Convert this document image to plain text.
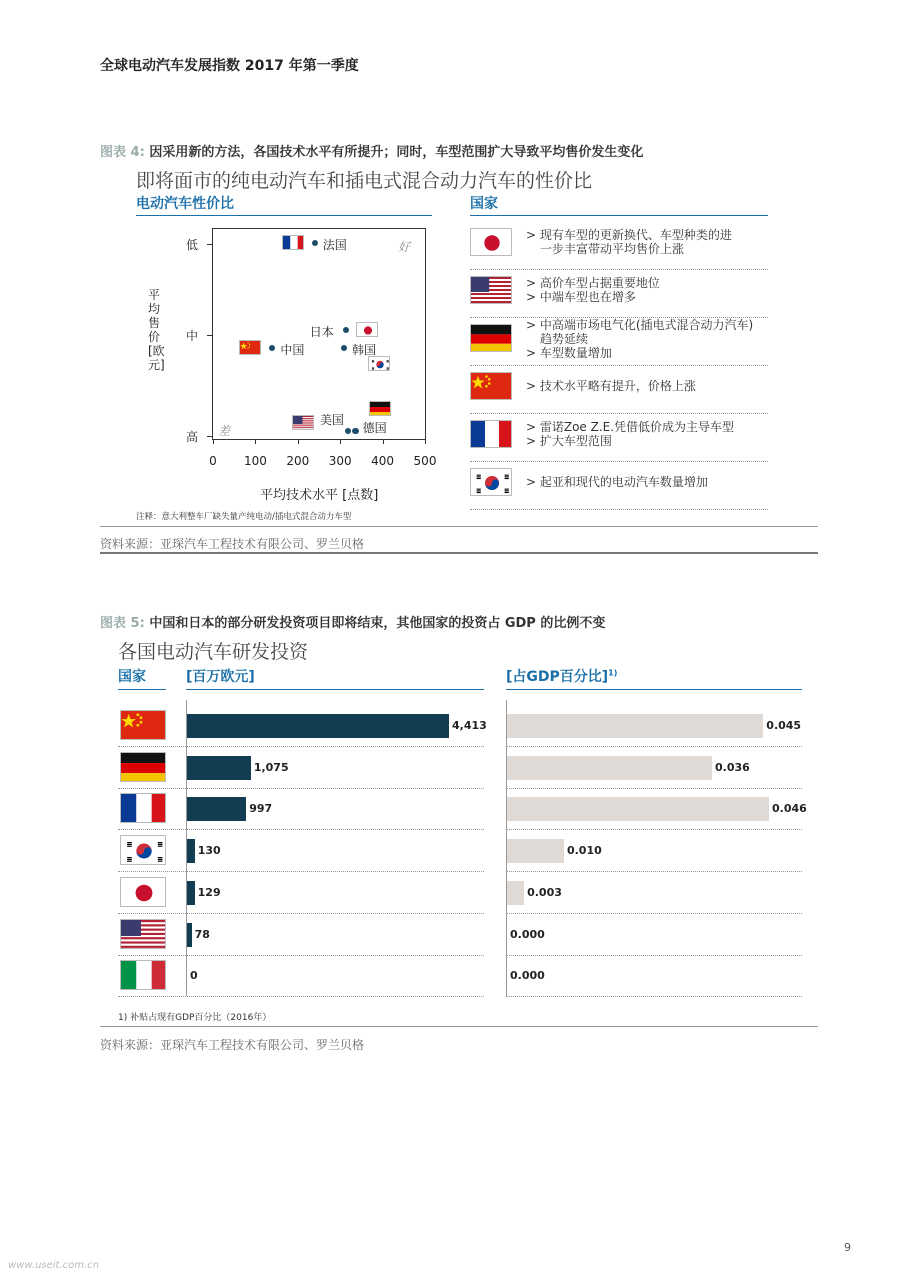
全球电动汽车发展指数 2017 年第一季度
图表 4: 因采用新的方法，各国技术水平有所提升；同时，车型范围扩大导致平均售价发生变化
即将面市的纯电动汽车和插电式混合动力汽车的性价比
电动汽车性价比	国家
平均售价[欧元]
好
差
平均技术水平 [点数]
0	100 200 300 400 500
低
中
高
法国
日本
中国	韩国
美国
德国
注释：意大利整车厂缺失量产纯电动/插电式混合动力车型
> 现有车型的更新换代、车型种类的进
一步丰富带动平均售价上涨
> 高价车型占据重要地位
> 中端车型也在增多
> 中高端市场电气化(插电式混合动力汽车)
趋势延续
> 车型数量增加
> 技术水平略有提升，价格上涨
> 雷诺Zoe Z.E.凭借低价成为主导车型
> 扩大车型范围
> 起亚和现代的电动汽车数量增加
资料来源：亚琛汽车工程技术有限公司、罗兰贝格
图表 5: 中国和日本的部分研发投资项目即将结束，其他国家的投资占 GDP 的比例不变
各国电动汽车研发投资
国家	[百万欧元]	[占GDP百分比]$^{1)}$
4,413	0.045
1,075	0.036
997	0.046
130	0.010
129	0.003
78	0.000
0	0.000
1) 补贴占现有GDP百分比（2016年）
资料来源：亚琛汽车工程技术有限公司、罗兰贝格
9
www.useit.com.cn
